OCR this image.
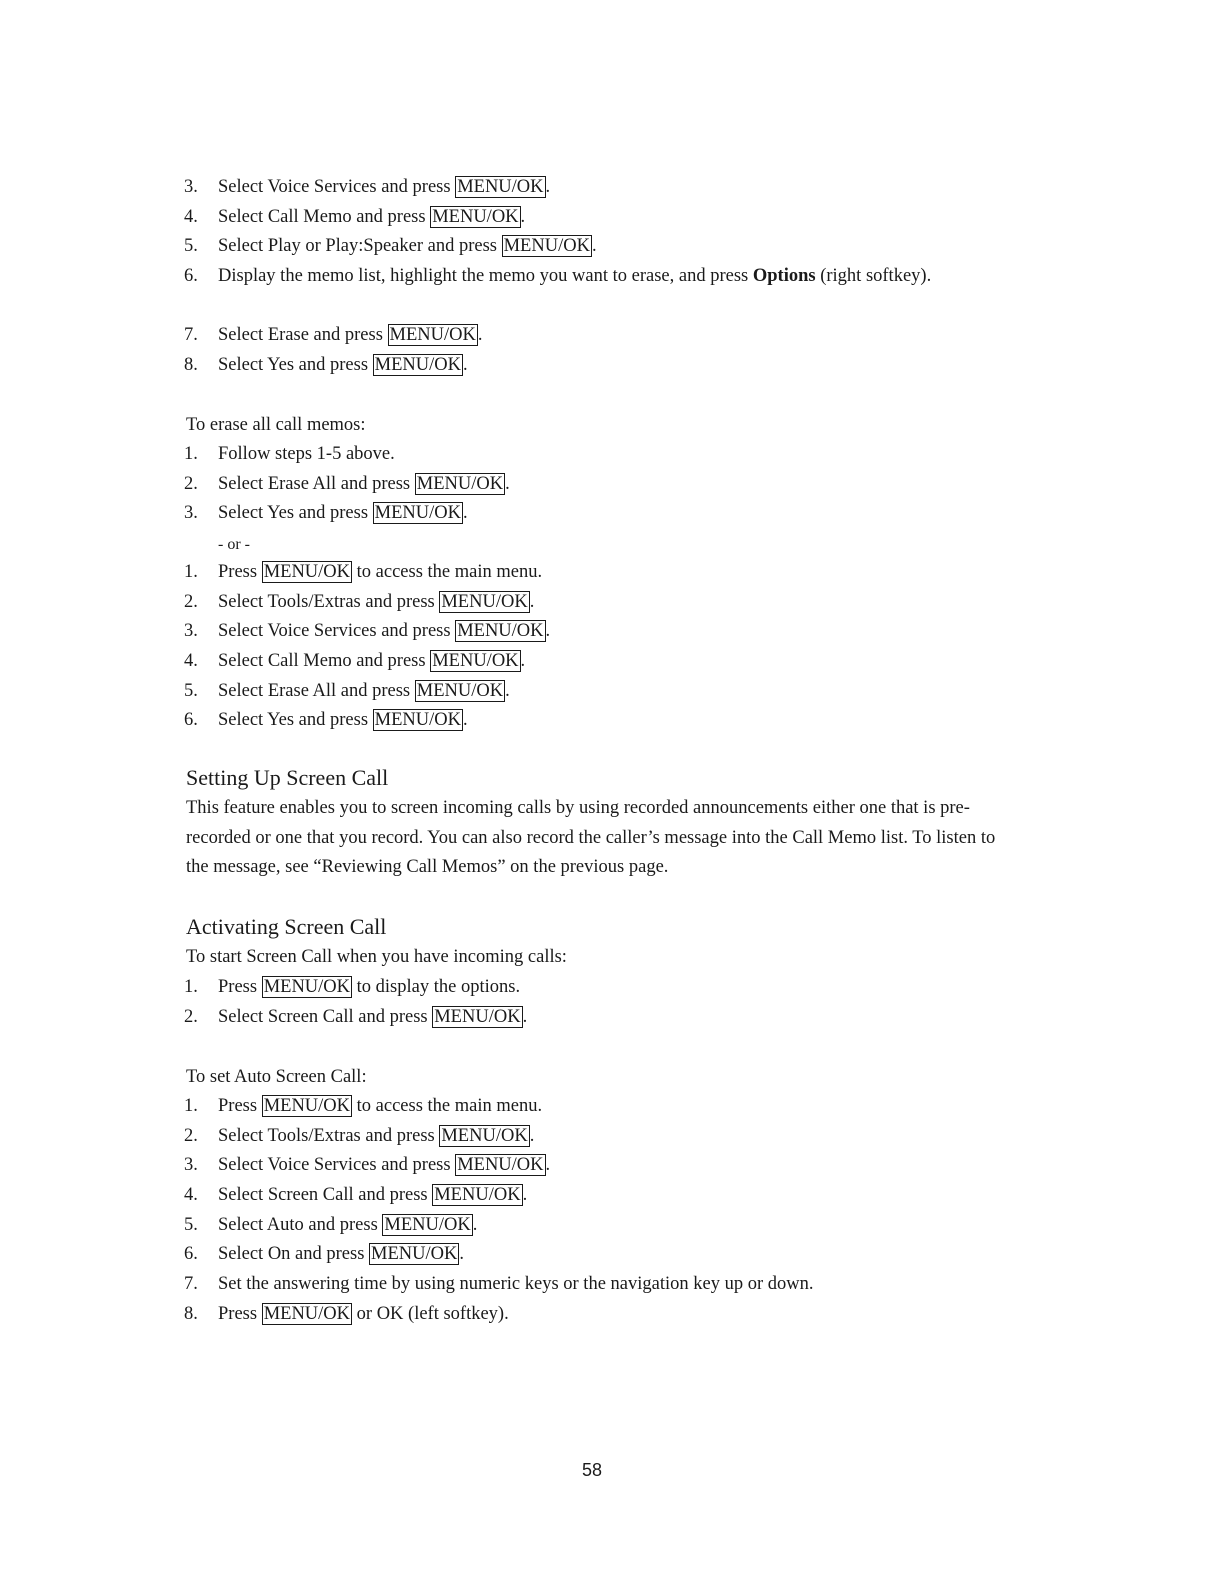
3.	Select Voice Services and press MENU/OK .
4.	Select Call Memo and press MENU/OK .
5.	Select Play or Play:Speaker and press MENU/OK .
6.	Display the memo list, highlight the memo you want to erase, and press Options (right softkey).
7.	Select Erase and press MENU/OK .
8.	Select Yes and press MENU/OK .

To erase all call memos:

1.	Follow steps 1-5 above.
2.	Select Erase All and press MENU/OK .
3.	Select Yes and press MENU/OK .
- or -
1.	Press MENU/OK to access the main menu.
2.	Select Tools/Extras and press MENU/OK .
3.	Select Voice Services and press MENU/OK .
4.	Select Call Memo and press MENU/OK .
5.	Select Erase All and press MENU/OK .
6.	Select Yes and press MENU/OK .
Setting Up Screen Call

This feature enables you to screen incoming calls by using recorded announcements either one that is pre-recorded or one that you record. You can also record the caller’s message into the Call Memo list. To listen to the message, see “Reviewing Call Memos” on the previous page.

Activating Screen Call

To start Screen Call when you have incoming calls:

1.	Press MENU/OK to display the options.
2.	Select Screen Call and press MENU/OK .

To set Auto Screen Call:

1.	Press MENU/OK to access the main menu.
2.	Select Tools/Extras and press MENU/OK .
3.	Select Voice Services and press MENU/OK .
4.	Select Screen Call and press MENU/OK .
5.	Select Auto and press MENU/OK .
6.	Select On and press MENU/OK .
7.	Set the answering time by using numeric keys or the navigation key up or down.
8.	Press MENU/OK or OK (left softkey).
58
